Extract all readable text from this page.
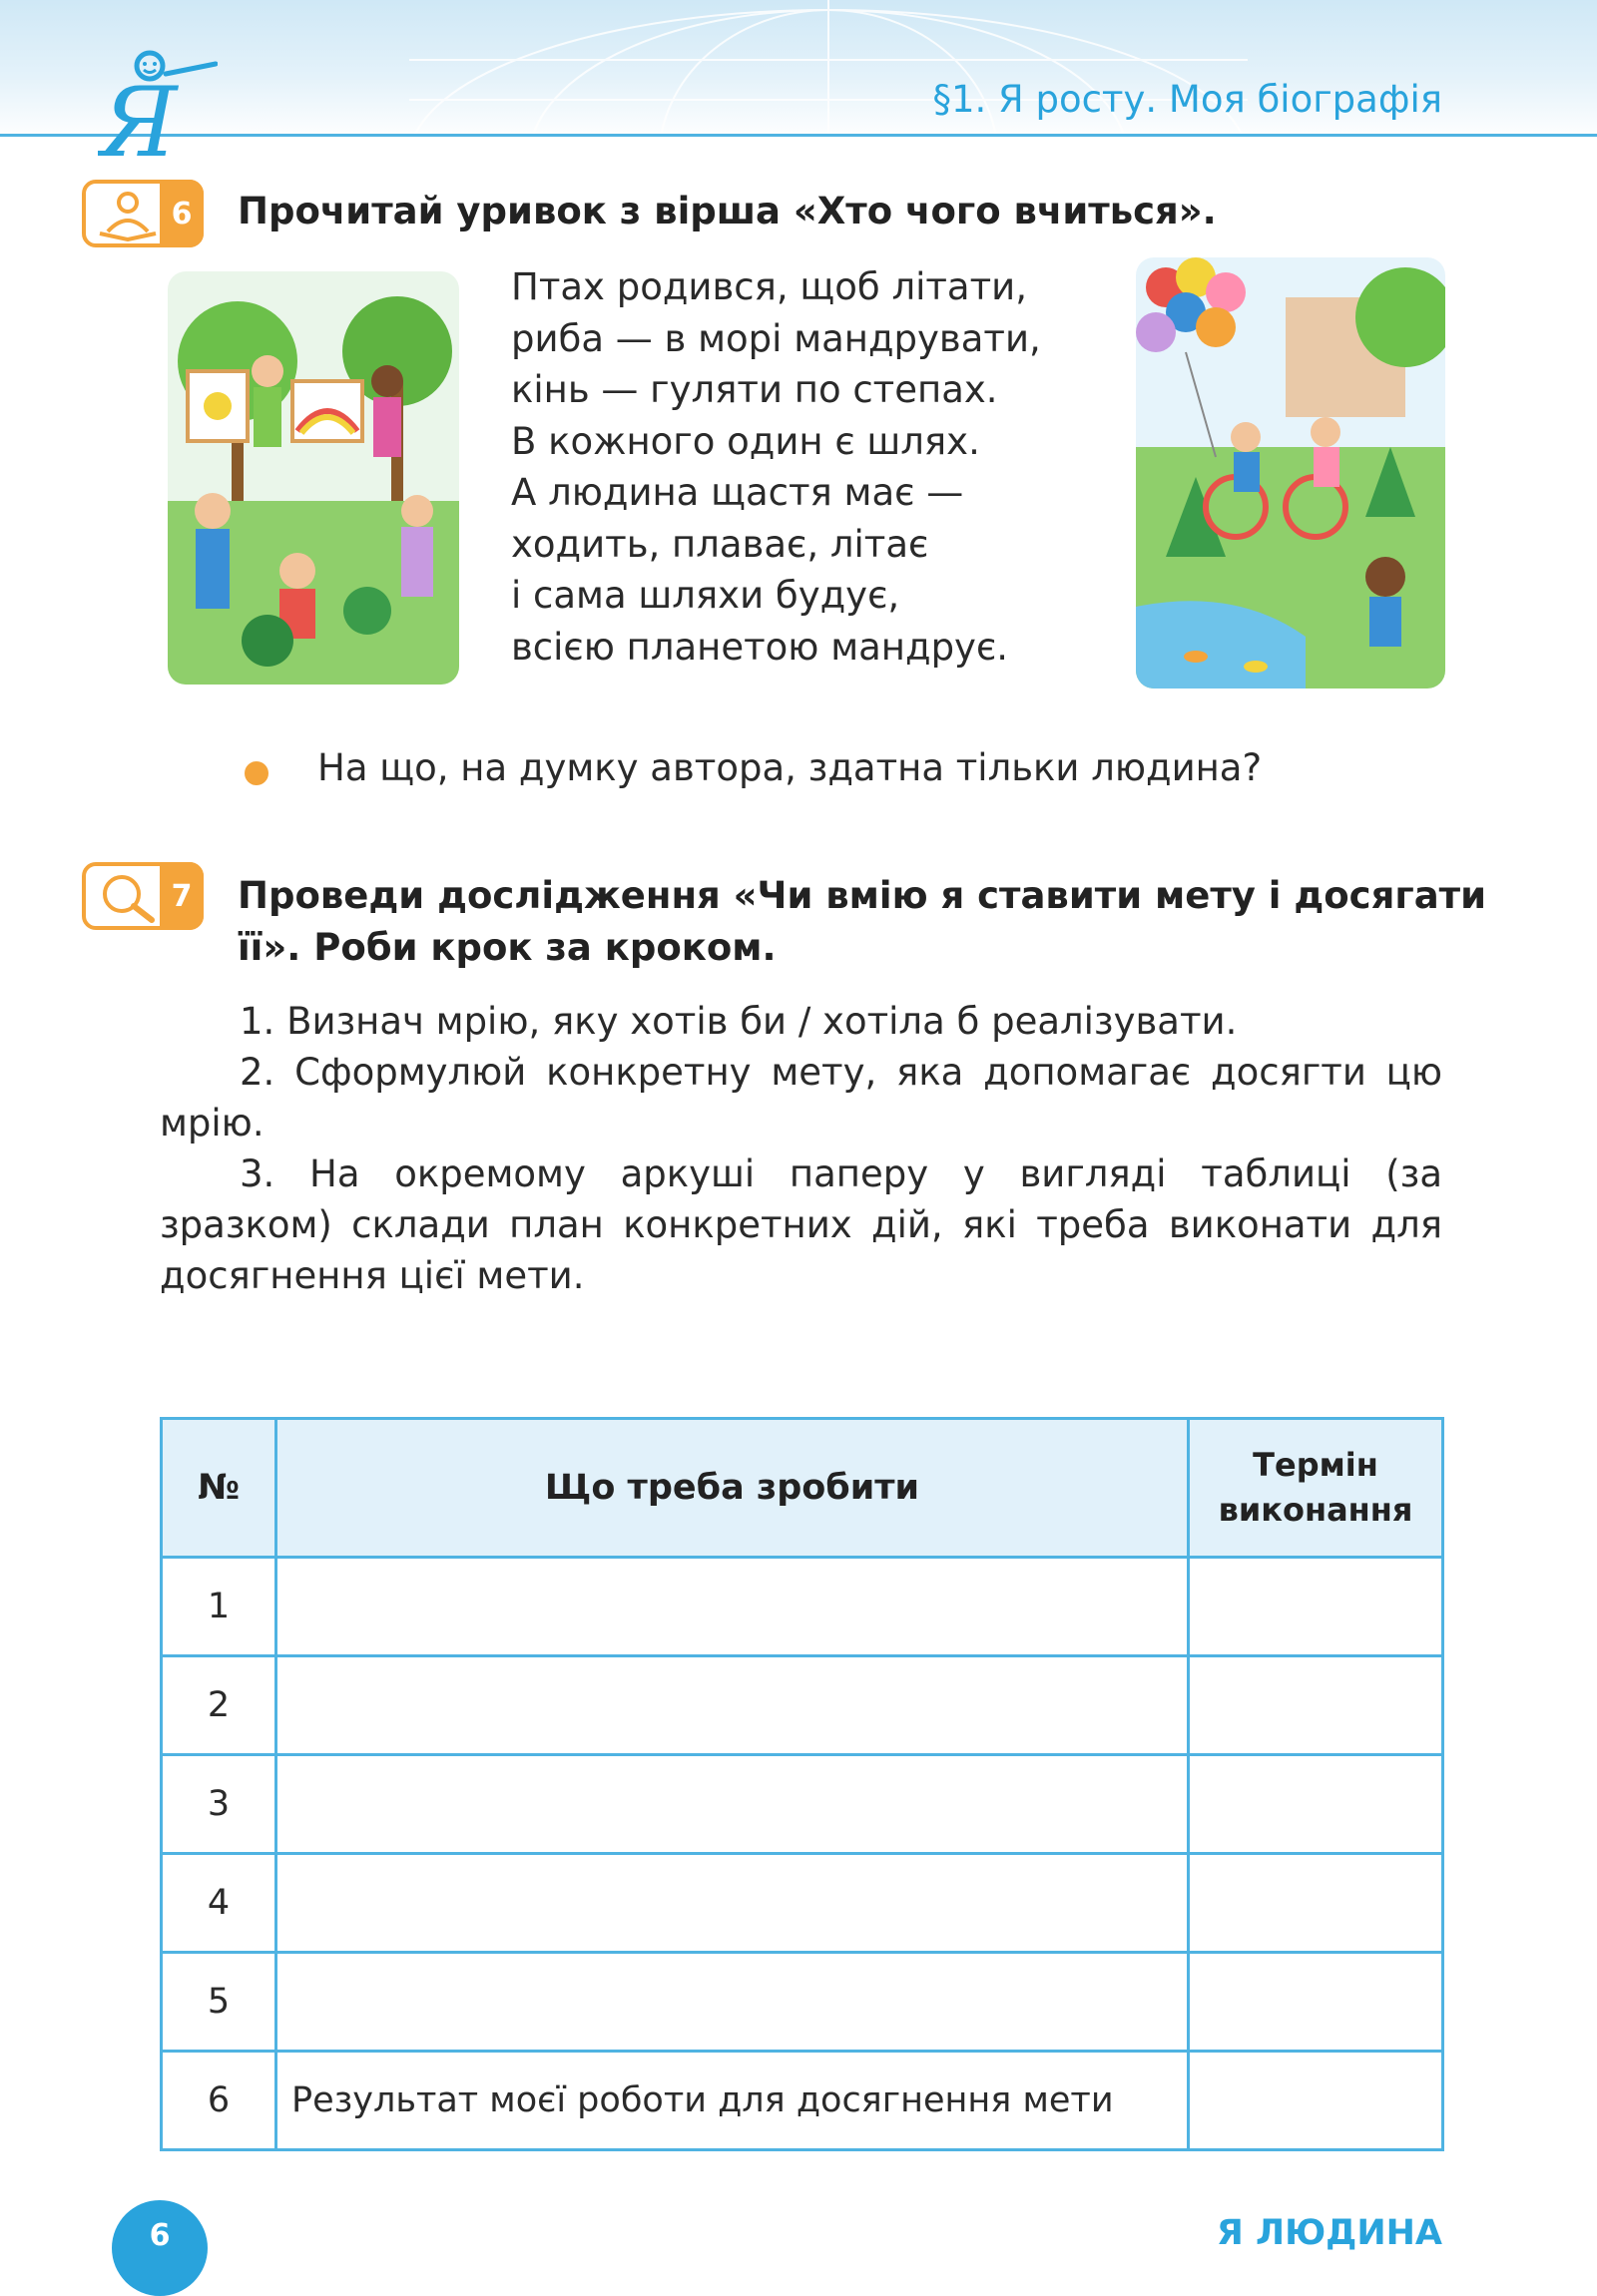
Я	§1. Я росту. Моя біографія
6	Прочитай уривок з вірша «Хто чого вчиться».
Птах родився, щоб літати,
риба — в морі мандрувати,
кінь — гуляти по степах.
В кожного один є шлях.
А людина щастя має —
ходить, плаває, літає
і сама шляхи будує,
всією планетою мандрує.
На що, на думку автора, здатна тільки людина?
7	Проведи дослідження «Чи вмію я ставити мету і досягати
її». Роби крок за кроком.
1. Визнач мрію, яку хотів би / хотіла б реалізувати.
2. Сформулюй конкретну мету, яка допомагає досягти цю мрію.
3. На окремому аркуші паперу у вигляді таблиці (за зразком) склади план конкретних дій, які треба виконати для досягнення цієї мети.
№	Що треба зробити	Термін
виконання

1		
2		
3		
4		
5		
6	Результат моєї роботи для досягнення мети	
6	Я ЛЮДИНА
